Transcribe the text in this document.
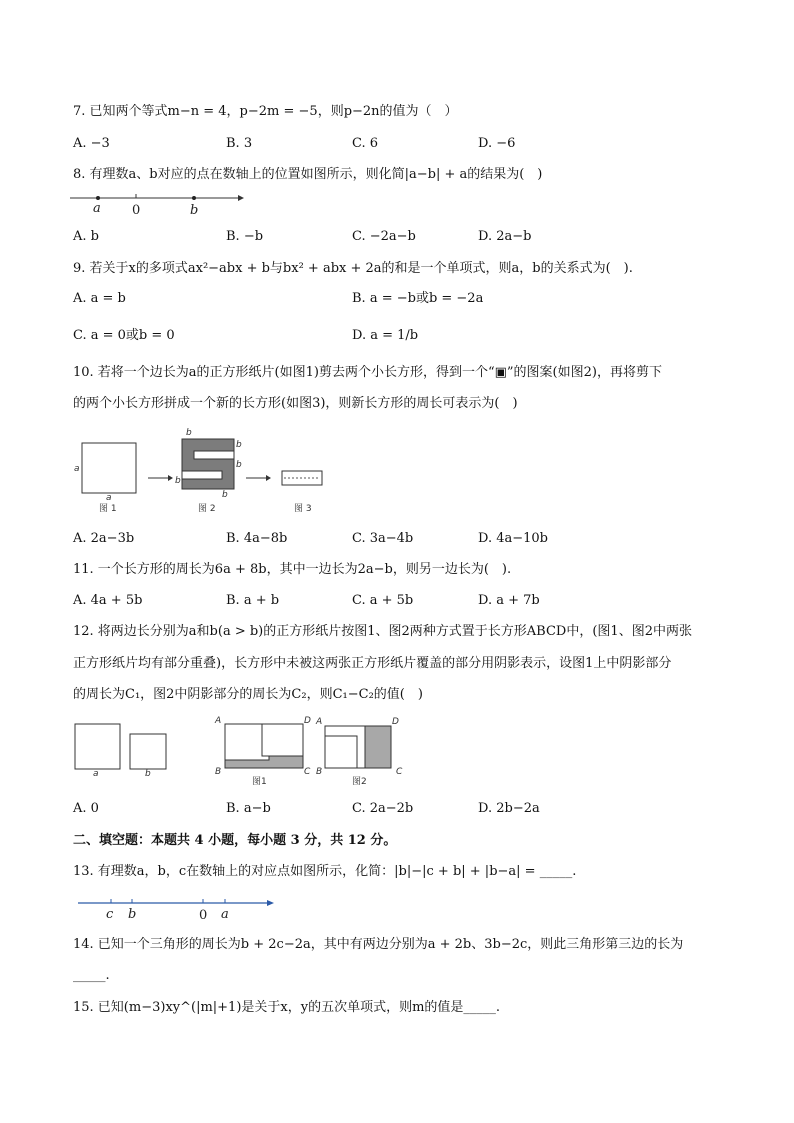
7. 已知两个等式m−n = 4，p−2m = −5，则p−2n的值为（　）
A. −3	B. 3	C. 6	D. −6
8. 有理数a、b对应的点在数轴上的位置如图所示，则化简|a−b| + a的结果为(　)
a 0	b
A. b	B. −b	C. −2a−b	D. 2a−b
9. 若关于x的多项式ax²−abx + b与bx² + abx + 2a的和是一个单项式，则a，b的关系式为(　).
A. a = b	B. a = −b或b = −2a
C. a = 0或b = 0	D. a = 1/b
10. 若将一个边长为a的正方形纸片(如图1)剪去两个小长方形，得到一个“▣”的图案(如图2)，再将剪下
的两个小长方形拼成一个新的长方形(如图3)，则新长方形的周长可表示为(　)
a
a
图 1
b
b
b
b
b
图 2	图 3
A. 2a−3b	B. 4a−8b	C. 3a−4b	D. 4a−10b
11. 一个长方形的周长为6a + 8b，其中一边长为2a−b，则另一边长为(　).
A. 4a + 5b	B. a + b	C. a + 5b	D. a + 7b
12. 将两边长分别为a和b(a > b)的正方形纸片按图1、图2两种方式置于长方形ABCD中，(图1、图2中两张
正方形纸片均有部分重叠)，长方形中未被这两张正方形纸片覆盖的部分用阴影表示，设图1上中阴影部分
的周长为C₁，图2中阴影部分的周长为C₂，则C₁−C₂的值(　)
a	b
A	D
B	C
图1
A	D
B	C
图2
A. 0	B. a−b	C. 2a−2b	D. 2b−2a
二、填空题：本题共 4 小题，每小题 3 分，共 12 分。
13. 有理数a，b，c在数轴上的对应点如图所示，化简：|b|−|c + b| + |b−a| = _____.
c b	0 a
14. 已知一个三角形的周长为b + 2c−2a，其中有两边分别为a + 2b、3b−2c，则此三角形第三边的长为
_____.
15. 已知(m−3)xy^(|m|+1)是关于x，y的五次单项式，则m的值是_____.
